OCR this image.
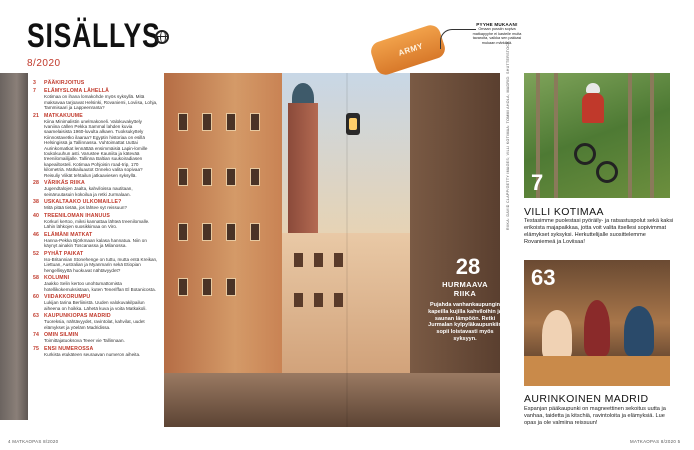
SISÄLLYS
8/2020
3	PÄÄKIRJOITUS
7	ELÄMYSLOMA LÄHELLÄ
Kotimaa on ihana lomakohde myös syksyllä. Mitä maksavaa tarjoavat Helsinki, Rovaniemi, Loviisa, Lohja, Tammisaari ja Lappeenranta?
21 MATKAKUUME
Kiina Minimalistin unelmakoneli. Valokuvakyttely Ivaniina cällen Pekka Sammal lahden kuvia saamelaisista 1960-luvulta alkaen. Tuoksukyttely Kiinnostavetko ilaaraa? Egyptin historiaa on esillä Helsingissä ja Tallinnassa. Vuhtoimattat Uuttai Aurinkomatkat lennättää ensimmäisiä Lapin-lomille toukokuuhun asti. Varustee Kauniita ja kätevää treenilomailijalle. Tallinna Baltian suukoiradiasen kapeailtosteli. Kotimaa Pohjoisin road-trip, 170 kilometriä. Matkailuautot Onneko valita sopivaa? Reisuliy Viikät tehtailun jatkaaviesen syksyllä.
28 VÄRIKÄS RIIKA
Jugendtalojen Jaalta, kahviloissa nautitaan, seinäruutasuin kokoilua ja retki Jurmalaan.
38 USKALTAAKO ULKOMAILLE?
Mitä pitää tietää, jos lähtee syt reissuun?
40 TREENILOMAN IHANUUS
Korkuri kertoo, miksi kannattaa lähteä treenilomalle. Lähin lähkojen suosikkimaa on Viro.
46 ELÄMÄNI MATKAT
Hanna-Pekka Björkmaan kalasa hannatua. Niin on käynyt ainakin Toscanassa ja Milanossa.
52 PYHÄT PAIKAT
Iso-Britannian Stonehenge on tuttu, mutta entä Kreikan, Liettuan, Australian ja Myanmarin sekä Etiopian hengellisyyttä huokuvat nähtävyydet?
58 KOLUMNI
Jaakko Selin kertoo unohtumattomista hotellikokemuksistaan, kuten Teneriffan El Botanicosta.
60 VIIDAKKORUMPU
Lukijan tarina Berliinistä. Uuden valokuvakilpailun aiheena on hoikka. Lähetä kuva ja voita Matkakoli.
63 KAUPUNKIOPAS MADRID
Tuoreksia, nähtävyydet, ravintolat, kahvilat, uudet elämykset ja yöeläm Madridissa.
74 OMIN SILMIN
Toimittajatuoksova Teeer vie Tallinnaan.
75 ENSI NUMEROSSA
Kurkista etukäteen seuraavan numeron aiheita.
28
HURMAAVA RIIKA
Pujahda vanhankaupungin kapeilla kujilla kahviloihin ja saunan lämpöön. Retki Jurmalan kylpyläkaupunkiin sopii loistavasti myös syksyyn.
RIIKA: DAVID CLAPP/GETTY IMAGES; VILLI KOTIMAA: TOMMI AHOLA; MADRID: SHUTTERSTOCK
ARMY
PYYHE MUKAAN!
Omaan pussiin sopiva matkapyyhe ei kasteile muita tavaroita, vaikka sen pakkasi mukaan märkänä.
7
VILLI KOTIMAA
Testasimme puolestasi pyöräily- ja ratsastuspolut sekä kaksi erikoista majapaikkaa, jotta voit valita itsellesi sopivimmat elämykset syksyksi. Herkuttelijalle suosittelemme Rovaniemeä ja Loviisaa!
63
AURINKOINEN MADRID
Espanjan pääkaupunki on magneettinen sekoitus uutta ja vanhaa, taidetta ja kitschiä, ravintoloita ja elämyksiä. Lue opas ja ole valmiina reissuun!
4 MATKAOPAS 8/2020	MATKAOPAS 8/2020 5
